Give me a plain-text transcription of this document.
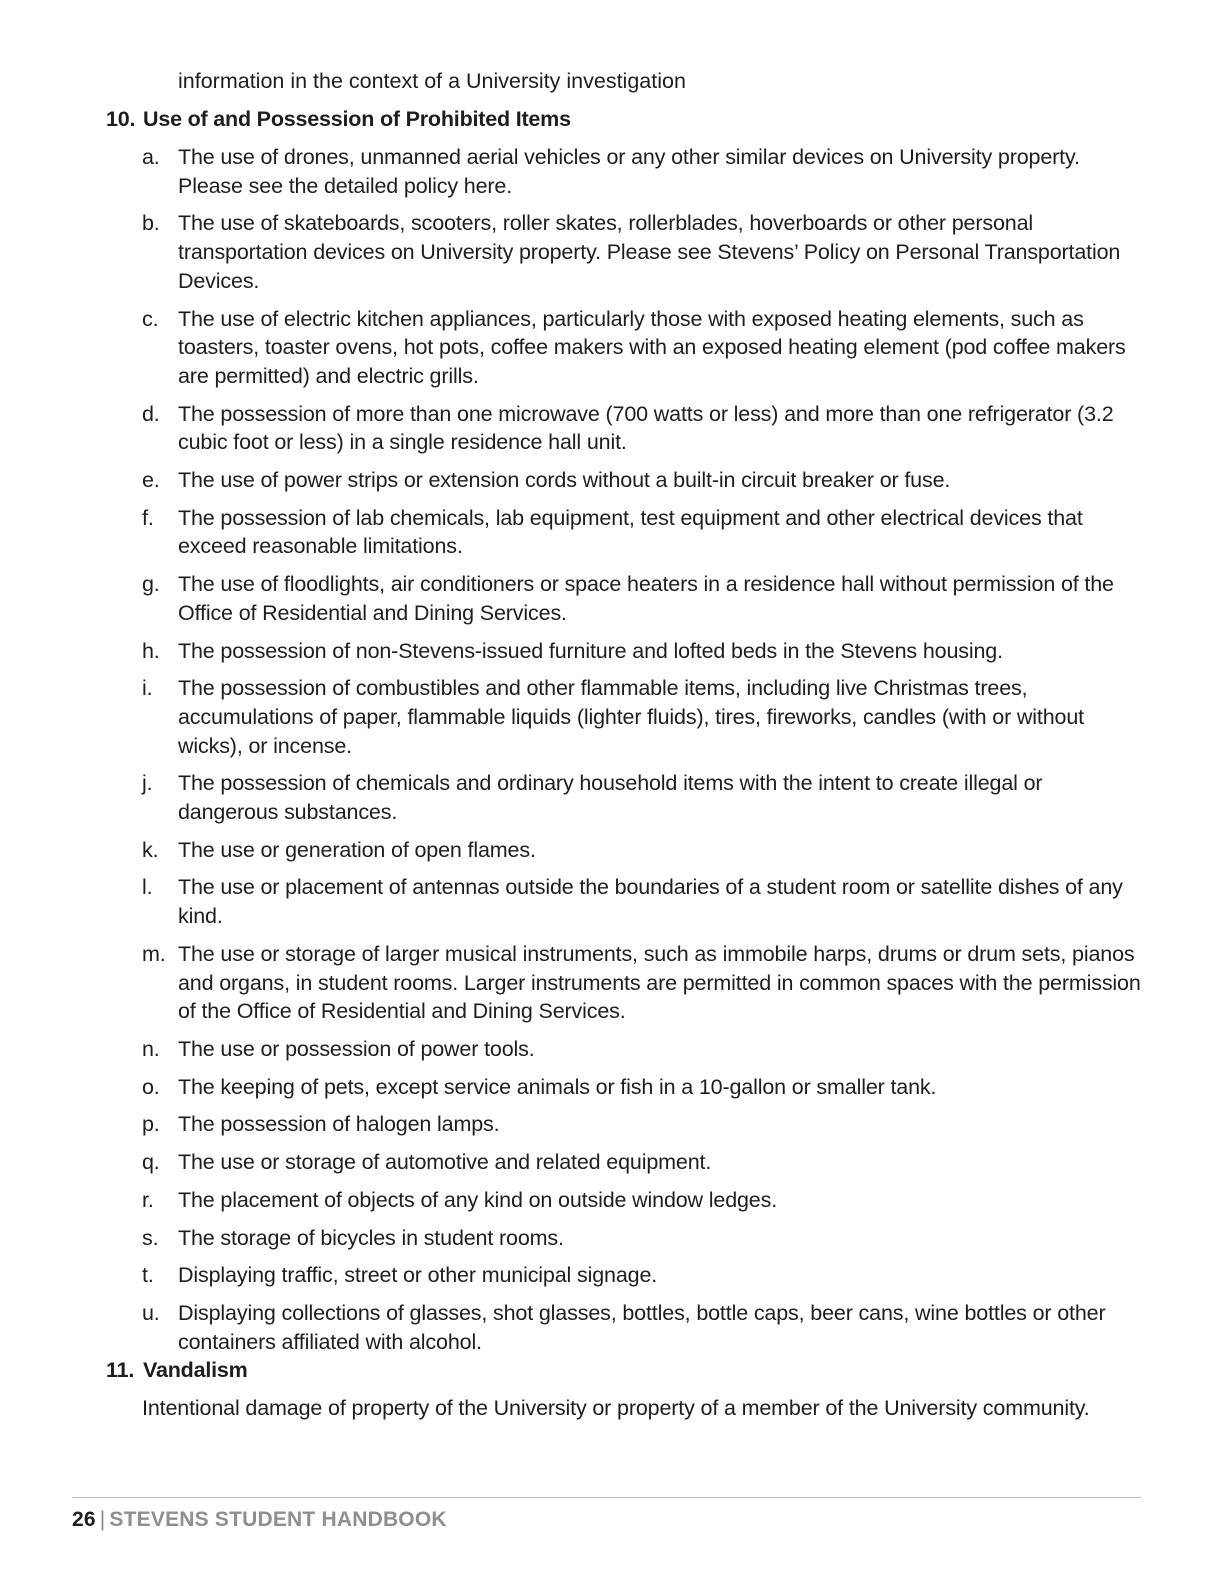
information in the context of a University investigation
10. Use of and Possession of Prohibited Items
a. The use of drones, unmanned aerial vehicles or any other similar devices on University property. Please see the detailed policy here.
b. The use of skateboards, scooters, roller skates, rollerblades, hoverboards or other personal transportation devices on University property. Please see Stevens’ Policy on Personal Transportation Devices.
c. The use of electric kitchen appliances, particularly those with exposed heating elements, such as toasters, toaster ovens, hot pots, coffee makers with an exposed heating element (pod coffee makers are permitted) and electric grills.
d. The possession of more than one microwave (700 watts or less) and more than one refrigerator (3.2 cubic foot or less) in a single residence hall unit.
e. The use of power strips or extension cords without a built-in circuit breaker or fuse.
f.	The possession of lab chemicals, lab equipment, test equipment and other electrical devices that exceed reasonable limitations.
g. The use of floodlights, air conditioners or space heaters in a residence hall without permission of the Office of Residential and Dining Services.
h. The possession of non-Stevens-issued furniture and lofted beds in the Stevens housing.
i.	The possession of combustibles and other flammable items, including live Christmas trees, accumulations of paper, flammable liquids (lighter fluids), tires, fireworks, candles (with or without wicks), or incense.
j.	The possession of chemicals and ordinary household items with the intent to create illegal or dangerous substances.
k. The use or generation of open flames.
l.	The use or placement of antennas outside the boundaries of a student room or satellite dishes of any kind.
m. The use or storage of larger musical instruments, such as immobile harps, drums or drum sets, pianos and organs, in student rooms. Larger instruments are permitted in common spaces with the permission of the Office of Residential and Dining Services.
n. The use or possession of power tools.
o. The keeping of pets, except service animals or fish in a 10-gallon or smaller tank.
p. The possession of halogen lamps.
q. The use or storage of automotive and related equipment.
r.	The placement of objects of any kind on outside window ledges.
s. The storage of bicycles in student rooms.
t.	Displaying traffic, street or other municipal signage.
u. Displaying collections of glasses, shot glasses, bottles, bottle caps, beer cans, wine bottles or other containers affiliated with alcohol.
11. Vandalism
Intentional damage of property of the University or property of a member of the University community.
26 | STEVENS STUDENT HANDBOOK
